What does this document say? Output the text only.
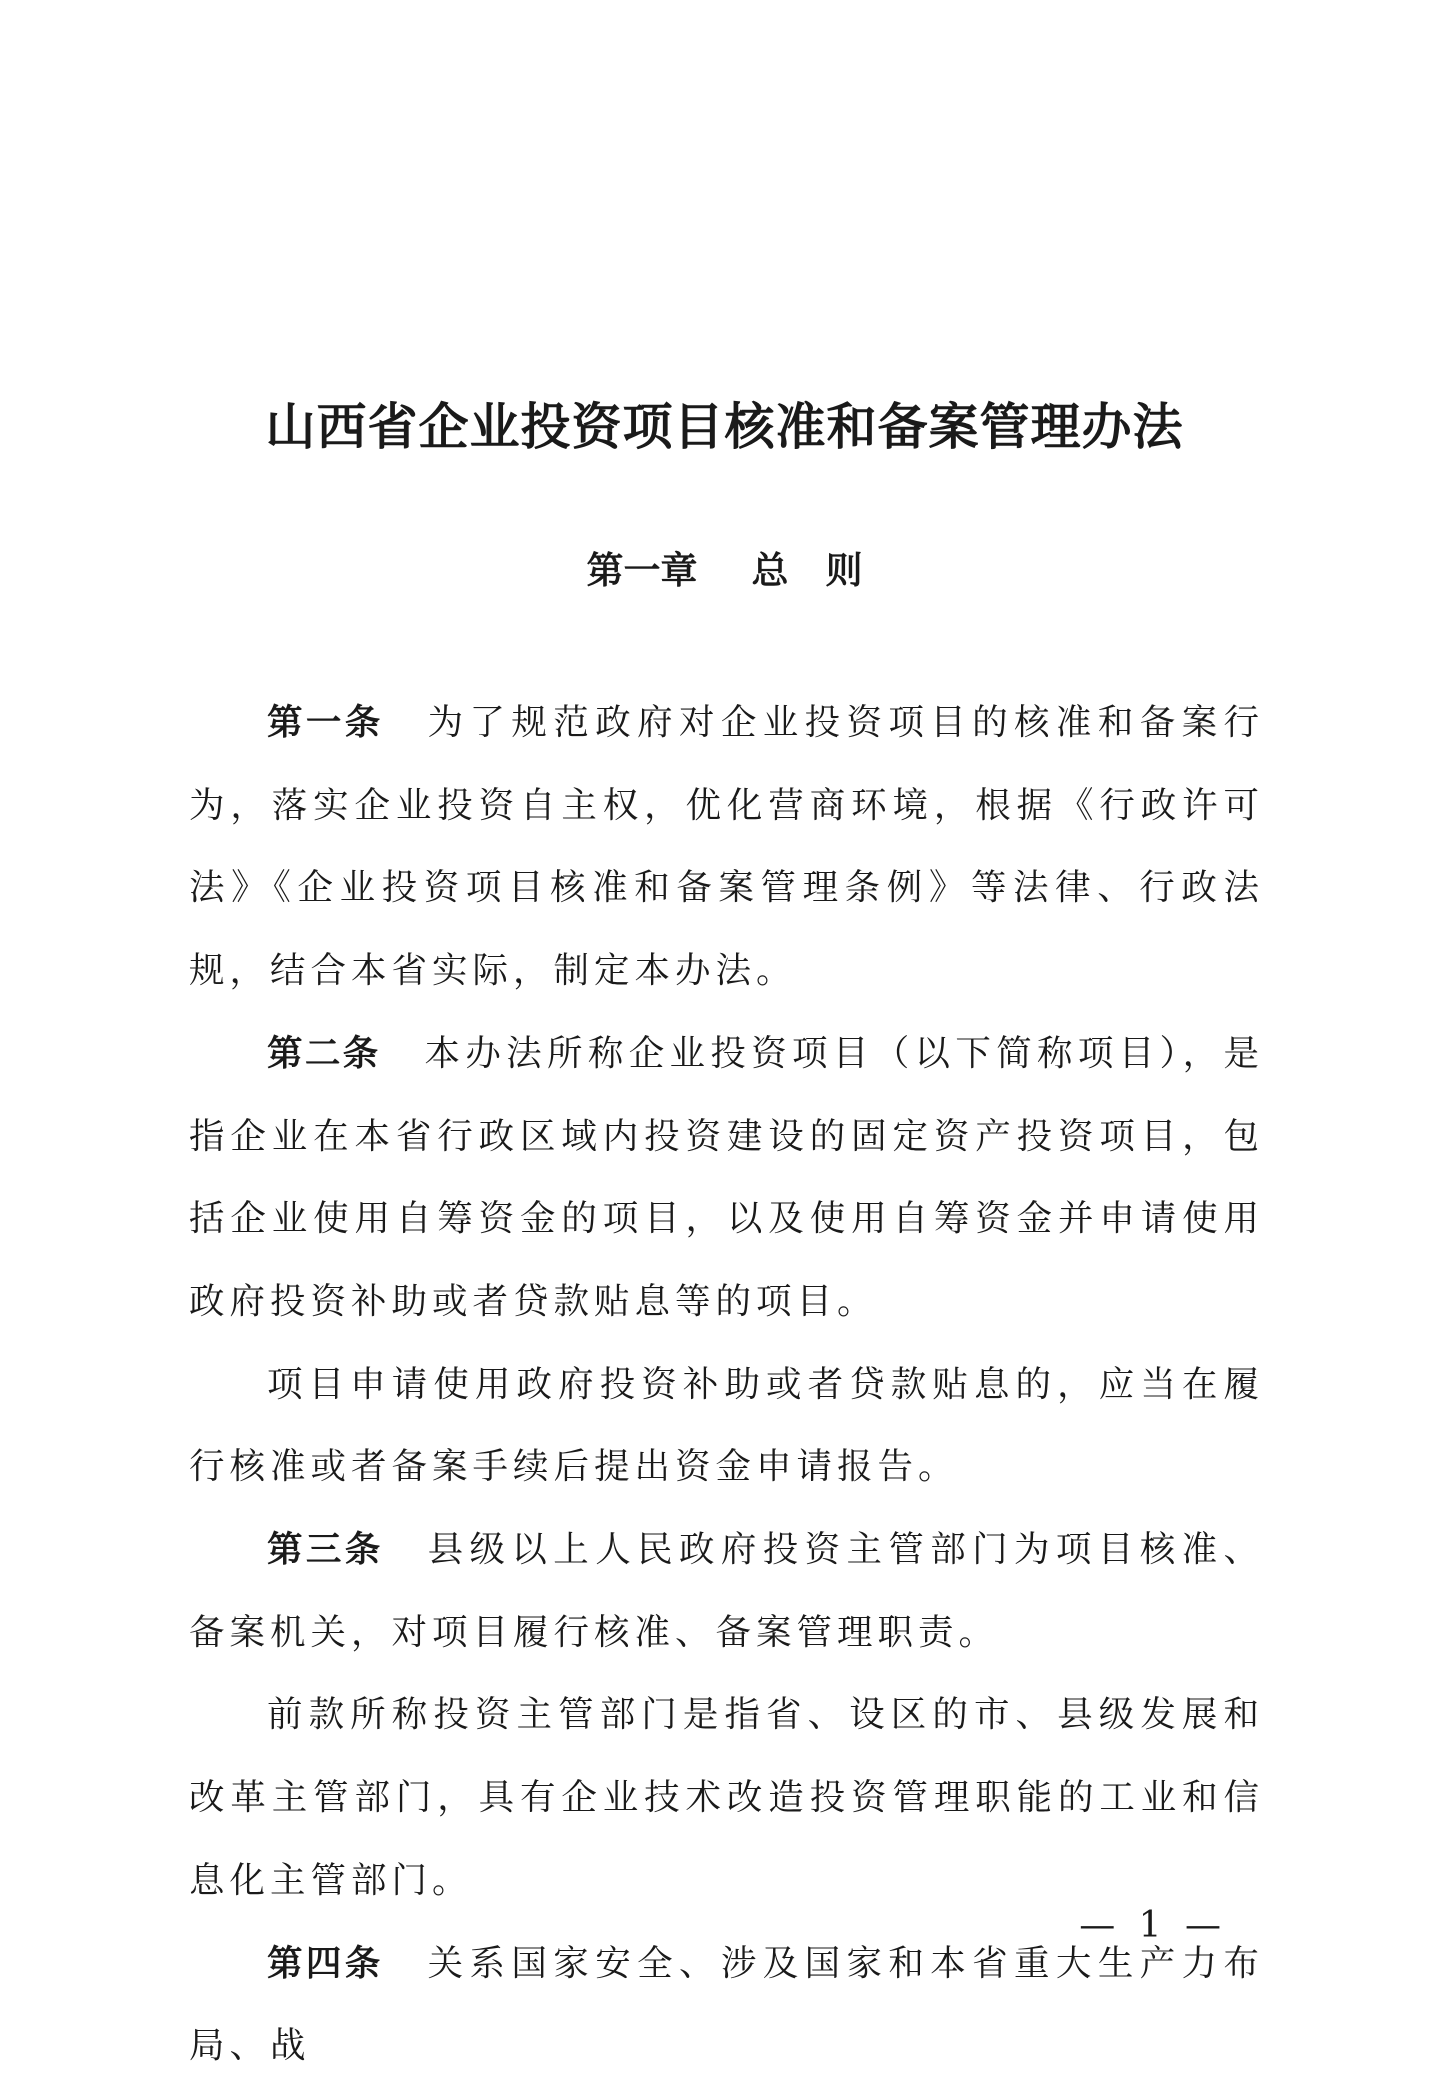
山西省企业投资项目核准和备案管理办法
第一章 总　则

第一条 为了规范政府对企业投资项目的核准和备案行为，落实企业投资自主权，优化营商环境，根据《行政许可法》《企业投资项目核准和备案管理条例》等法律、行政法规，结合本省实际，制定本办法。

第二条 本办法所称企业投资项目（以下简称项目），是指企业在本省行政区域内投资建设的固定资产投资项目，包括企业使用自筹资金的项目，以及使用自筹资金并申请使用政府投资补助或者贷款贴息等的项目。

项目申请使用政府投资补助或者贷款贴息的，应当在履行核准或者备案手续后提出资金申请报告。

第三条 县级以上人民政府投资主管部门为项目核准、备案机关，对项目履行核准、备案管理职责。

前款所称投资主管部门是指省、设区的市、县级发展和改革主管部门，具有企业技术改造投资管理职能的工业和信息化主管部门。

第四条 关系国家安全、涉及国家和本省重大生产力布局、战

— 1 —
